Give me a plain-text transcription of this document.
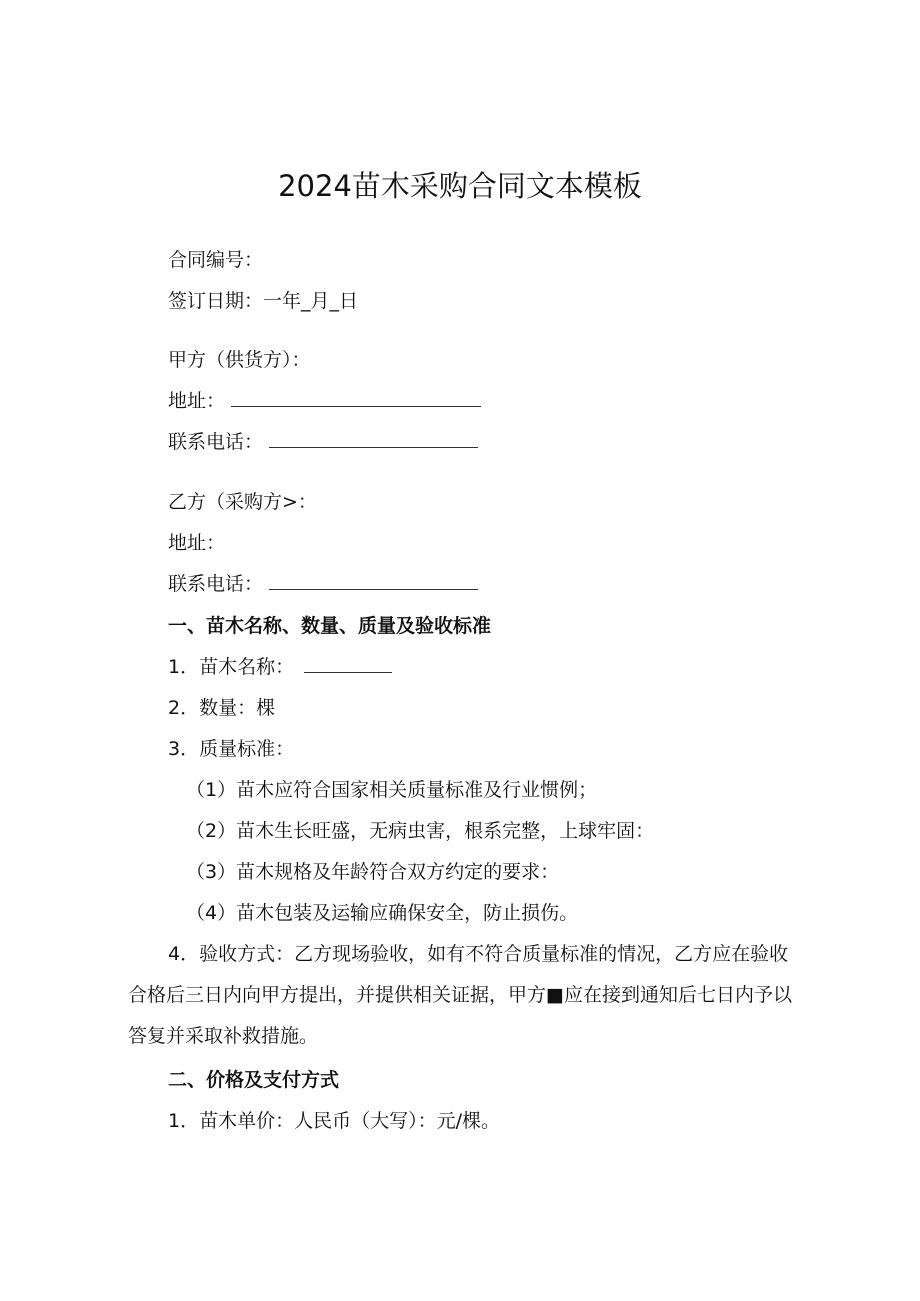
2024苗木采购合同文本模板
合同编号：
签订日期：一年_月_日
甲方（供货方）：
地址：
联系电话：
乙方（采购方>：
地址：
联系电话：
一、苗木名称、数量、质量及验收标准
1．苗木名称：
2．数量：棵
3．质量标准：
（1）苗木应符合国家相关质量标准及行业惯例；
（2）苗木生长旺盛，无病虫害，根系完整，上球牢固：
（3）苗木规格及年龄符合双方约定的要求：
（4）苗木包装及运输应确保安全，防止损伤。
4．验收方式：乙方现场验收，如有不符合质量标准的情况，乙方应在验收合格后三日内向甲方提出，并提供相关证据，甲方■应在接到通知后七日内予以答复并采取补救措施。
二、价格及支付方式
1．苗木单价：人民币（大写）：元/棵。
